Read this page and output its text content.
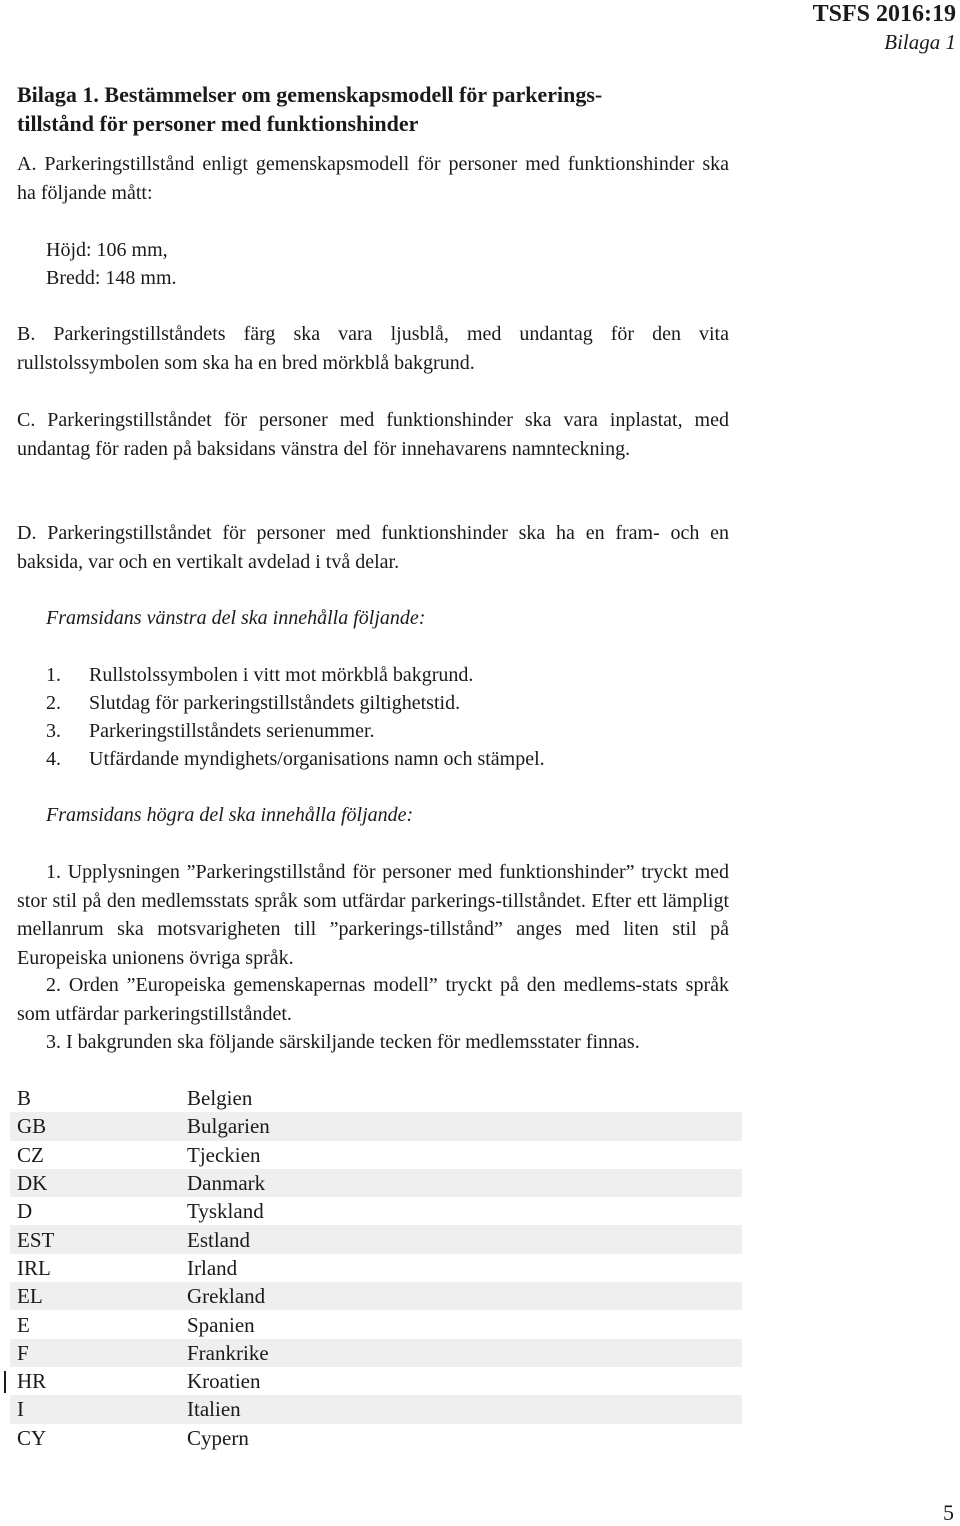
TSFS 2016:19
Bilaga 1
Bilaga 1. Bestämmelser om gemenskapsmodell för parkerings-
tillstånd för personer med funktionshinder
A. Parkeringstillstånd enligt gemenskapsmodell för personer med funktionshinder ska ha följande mått:
Höjd: 106 mm,
Bredd: 148 mm.
B. Parkeringstillståndets färg ska vara ljusblå, med undantag för den vita rullstolssymbolen som ska ha en bred mörkblå bakgrund.
C. Parkeringstillståndet för personer med funktionshinder ska vara inplastat, med undantag för raden på baksidans vänstra del för innehavarens namnteckning.
D. Parkeringstillståndet för personer med funktionshinder ska ha en fram- och en baksida, var och en vertikalt avdelad i två delar.
Framsidans vänstra del ska innehålla följande:
1. Rullstolssymbolen i vitt mot mörkblå bakgrund.
2. Slutdag för parkeringstillståndets giltighetstid.
3. Parkeringstillståndets serienummer.
4. Utfärdande myndighets/organisations namn och stämpel.
Framsidans högra del ska innehålla följande:
1. Upplysningen ”Parkeringstillstånd för personer med funktionshinder” tryckt med stor stil på den medlemsstats språk som utfärdar parkerings-tillståndet. Efter ett lämpligt mellanrum ska motsvarigheten till ”parkerings-tillstånd” anges med liten stil på Europeiska unionens övriga språk.
2. Orden ”Europeiska gemenskapernas modell” tryckt på den medlems-stats språk som utfärdar parkeringstillståndet.
3. I bakgrunden ska följande särskiljande tecken för medlemsstater finnas.
B	Belgien
GB	Bulgarien
CZ	Tjeckien
DK	Danmark
D	Tyskland
EST	Estland
IRL	Irland
EL	Grekland
E	Spanien
F	Frankrike
HR	Kroatien
I	Italien
CY	Cypern
5
